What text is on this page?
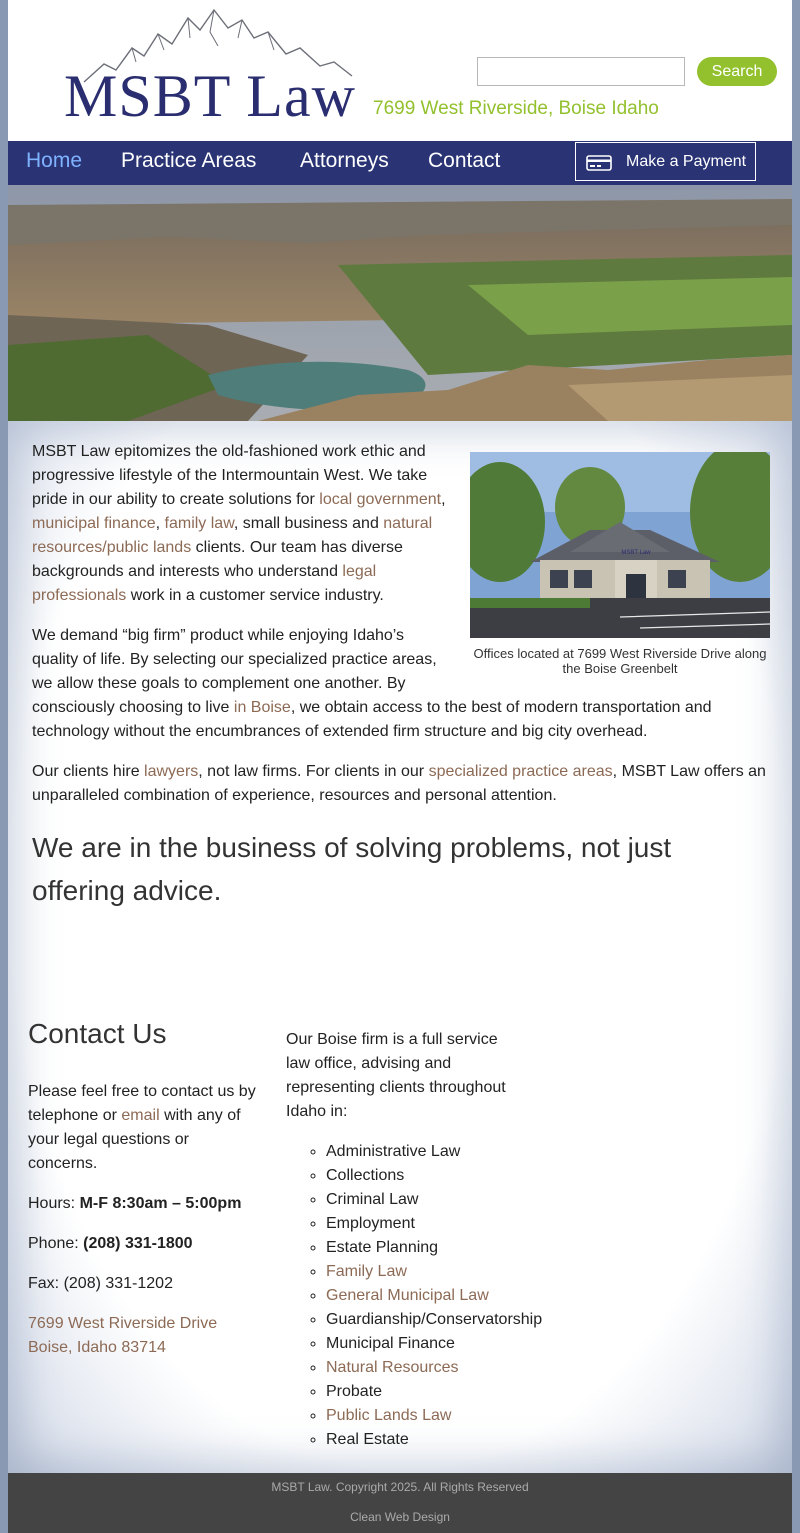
MSBT Law	Search
7699 West Riverside, Boise Idaho
Home Practice Areas Attorneys Contact	Make a Payment
MSBT Law
Offices located at 7699 West Riverside Drive along the Boise Greenbelt

MSBT Law epitomizes the old-fashioned work ethic and progressive lifestyle of the Intermountain West. We take pride in our ability to create solutions for local government, municipal finance, family law, small business and natural resources/public lands clients. Our team has diverse backgrounds and interests who understand legal professionals work in a customer service industry.

We demand “big firm” product while enjoying Idaho’s quality of life. By selecting our specialized practice areas, we allow these goals to complement one another. By consciously choosing to live in Boise, we obtain access to the best of modern transportation and technology without the encumbrances of extended firm structure and big city overhead.

Our clients hire lawyers, not law firms. For clients in our specialized practice areas, MSBT Law offers an unparalleled combination of experience, resources and personal attention.

We are in the business of solving problems, not just offering advice.
Contact Us

Please feel free to contact us by telephone or email with any of your legal questions or concerns.

Hours: M-F 8:30am – 5:00pm

Phone: (208) 331-1800

Fax: (208) 331-1202

7699 West Riverside Drive
Boise, Idaho 83714

Our Boise firm is a full service law office, advising and representing clients throughout Idaho in:

◦ Administrative Law
◦ Collections
◦ Criminal Law
◦ Employment
◦ Estate Planning
◦ Family Law
◦ General Municipal Law
◦ Guardianship/Conservatorship
◦ Municipal Finance
◦ Natural Resources
◦ Probate
◦ Public Lands Law
◦ Real Estate
MSBT Law. Copyright 2025. All Rights Reserved
Clean Web Design
